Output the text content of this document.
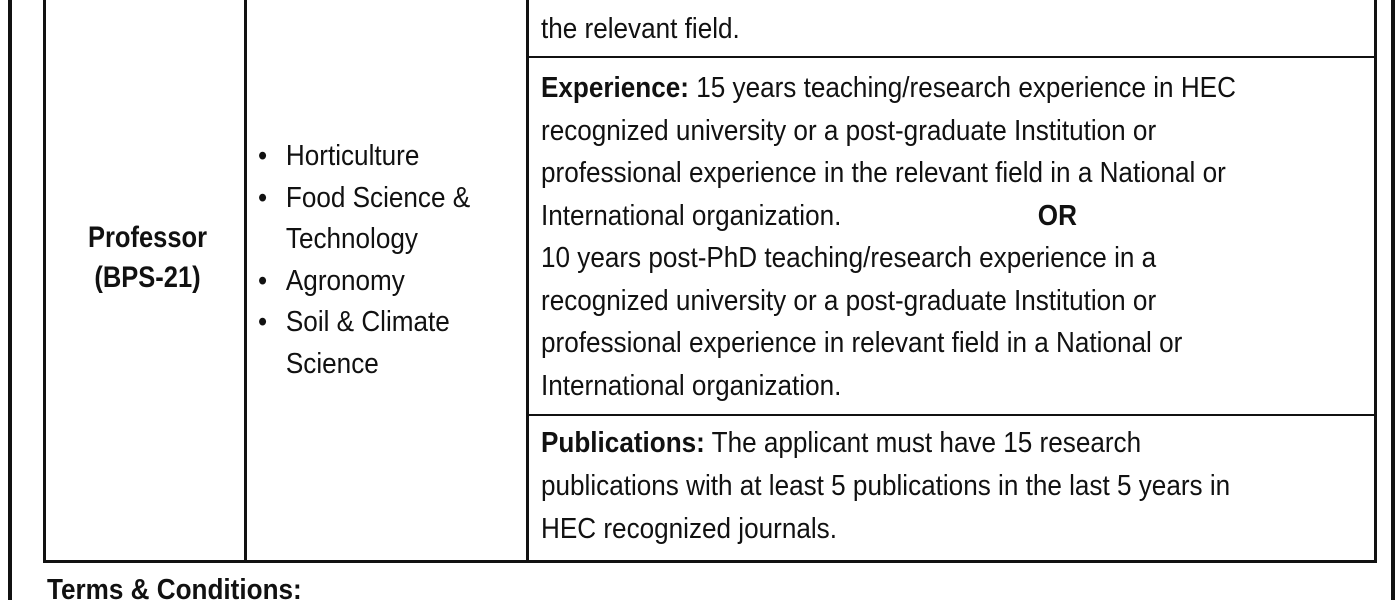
Professor
(BPS-21)
• Horticulture
• Food Science &
Technology
• Agronomy
• Soil & Climate
Science
the relevant field.
Experience: 15 years teaching/research experience in HEC
recognized university or a post-graduate Institution or
professional experience in the relevant field in a National or
International organization.	OR
10 years post-PhD teaching/research experience in a
recognized university or a post-graduate Institution or
professional experience in relevant field in a National or
International organization.
Publications: The applicant must have 15 research
publications with at least 5 publications in the last 5 years in
HEC recognized journals.
Terms & Conditions:
